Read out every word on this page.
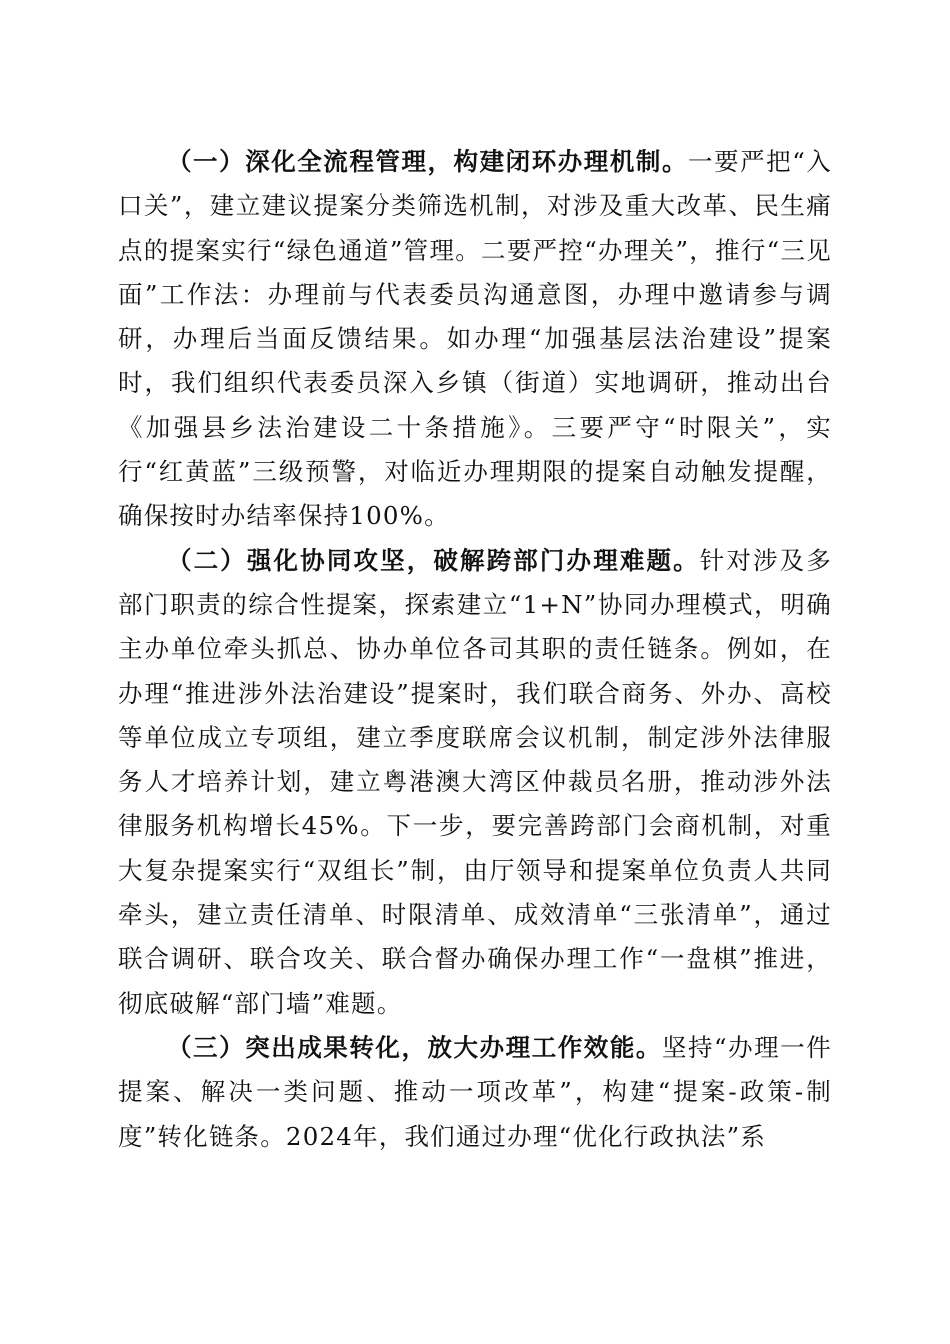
（一）深化全流程管理，构建闭环办理机制。一要严把“入口关”，建立建议提案分类筛选机制，对涉及重大改革、民生痛点的提案实行“绿色通道”管理。二要严控“办理关”，推行“三见面”工作法：办理前与代表委员沟通意图，办理中邀请参与调研，办理后当面反馈结果。如办理“加强基层法治建设”提案时，我们组织代表委员深入乡镇（街道）实地调研，推动出台《加强县乡法治建设二十条措施》。三要严守“时限关”，实行“红黄蓝”三级预警，对临近办理期限的提案自动触发提醒，确保按时办结率保持100%。

（二）强化协同攻坚，破解跨部门办理难题。针对涉及多部门职责的综合性提案，探索建立“1+N”协同办理模式，明确主办单位牵头抓总、协办单位各司其职的责任链条。例如，在办理“推进涉外法治建设”提案时，我们联合商务、外办、高校等单位成立专项组，建立季度联席会议机制，制定涉外法律服务人才培养计划，建立粤港澳大湾区仲裁员名册，推动涉外法律服务机构增长45%。下一步，要完善跨部门会商机制，对重大复杂提案实行“双组长”制，由厅领导和提案单位负责人共同牵头，建立责任清单、时限清单、成效清单“三张清单”，通过联合调研、联合攻关、联合督办确保办理工作“一盘棋”推进，彻底破解“部门墙”难题。

（三）突出成果转化，放大办理工作效能。坚持“办理一件提案、解决一类问题、推动一项改革”，构建“提案-政策-制度”转化链条。2024年，我们通过办理“优化行政执法”系
